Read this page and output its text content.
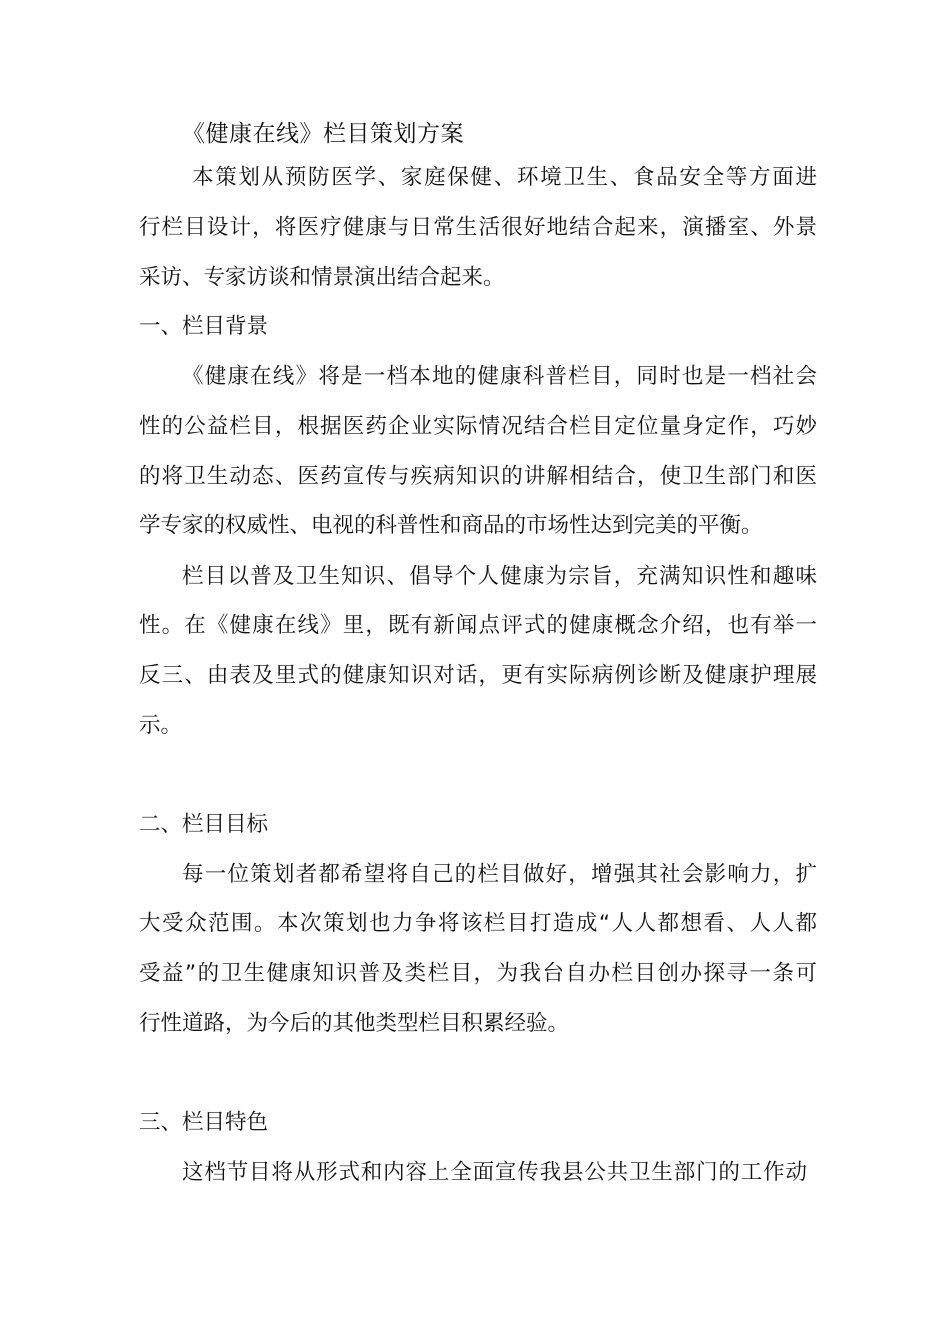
《健康在线》栏目策划方案
本策划从预防医学、家庭保健、环境卫生、食品安全等方面进
行栏目设计，将医疗健康与日常生活很好地结合起来，演播室、外景
采访、专家访谈和情景演出结合起来。
一、栏目背景
《健康在线》将是一档本地的健康科普栏目，同时也是一档社会
性的公益栏目，根据医药企业实际情况结合栏目定位量身定作，巧妙
的将卫生动态、医药宣传与疾病知识的讲解相结合，使卫生部门和医
学专家的权威性、电视的科普性和商品的市场性达到完美的平衡。
栏目以普及卫生知识、倡导个人健康为宗旨，充满知识性和趣味
性。在《健康在线》里，既有新闻点评式的健康概念介绍，也有举一
反三、由表及里式的健康知识对话，更有实际病例诊断及健康护理展
示。
二、栏目目标
每一位策划者都希望将自己的栏目做好，增强其社会影响力，扩
大受众范围。本次策划也力争将该栏目打造成“人人都想看、人人都
受益”的卫生健康知识普及类栏目，为我台自办栏目创办探寻一条可
行性道路，为今后的其他类型栏目积累经验。
三、栏目特色
这档节目将从形式和内容上全面宣传我县公共卫生部门的工作动
